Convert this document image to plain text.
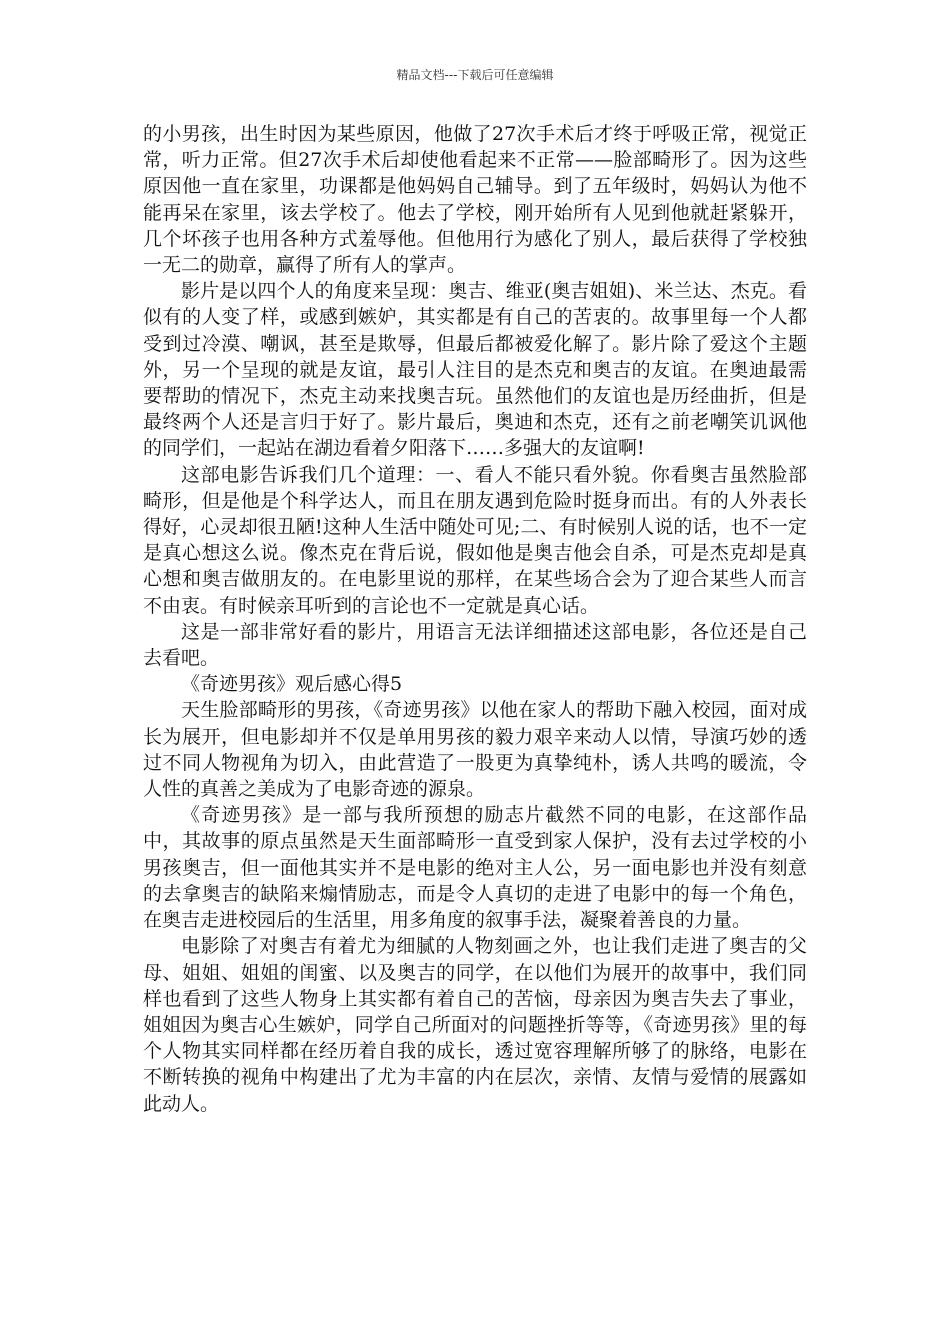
精品文档---下载后可任意编辑

的小男孩，出生时因为某些原因，他做了27次手术后才终于呼吸正常，视觉正常，听力正常。但27次手术后却使他看起来不正常——脸部畸形了。因为这些原因他一直在家里，功课都是他妈妈自己辅导。到了五年级时，妈妈认为他不能再呆在家里，该去学校了。他去了学校，刚开始所有人见到他就赶紧躲开，几个坏孩子也用各种方式羞辱他。但他用行为感化了别人，最后获得了学校独一无二的勋章，赢得了所有人的掌声。

影片是以四个人的角度来呈现：奥吉、维亚(奥吉姐姐)、米兰达、杰克。看似有的人变了样，或感到嫉妒，其实都是有自己的苦衷的。故事里每一个人都受到过冷漠、嘲讽，甚至是欺辱，但最后都被爱化解了。影片除了爱这个主题外，另一个呈现的就是友谊，最引人注目的是杰克和奥吉的友谊。在奥迪最需要帮助的情况下，杰克主动来找奥吉玩。虽然他们的友谊也是历经曲折，但是最终两个人还是言归于好了。影片最后，奥迪和杰克，还有之前老嘲笑讥讽他的同学们，一起站在湖边看着夕阳落下……多强大的友谊啊!

这部电影告诉我们几个道理：一、看人不能只看外貌。你看奥吉虽然脸部畸形，但是他是个科学达人，而且在朋友遇到危险时挺身而出。有的人外表长得好，心灵却很丑陋!这种人生活中随处可见;二、有时候别人说的话，也不一定是真心想这么说。像杰克在背后说，假如他是奥吉他会自杀，可是杰克却是真心想和奥吉做朋友的。在电影里说的那样，在某些场合会为了迎合某些人而言不由衷。有时候亲耳听到的言论也不一定就是真心话。

这是一部非常好看的影片，用语言无法详细描述这部电影，各位还是自己去看吧。

《奇迹男孩》观后感心得5

天生脸部畸形的男孩，《奇迹男孩》以他在家人的帮助下融入校园，面对成长为展开，但电影却并不仅是单用男孩的毅力艰辛来动人以情，导演巧妙的透过不同人物视角为切入，由此营造了一股更为真挚纯朴，诱人共鸣的暖流，令人性的真善之美成为了电影奇迹的源泉。

《奇迹男孩》是一部与我所预想的励志片截然不同的电影，在这部作品中，其故事的原点虽然是天生面部畸形一直受到家人保护，没有去过学校的小男孩奥吉，但一面他其实并不是电影的绝对主人公，另一面电影也并没有刻意的去拿奥吉的缺陷来煽情励志，而是令人真切的走进了电影中的每一个角色，在奥吉走进校园后的生活里，用多角度的叙事手法，凝聚着善良的力量。

电影除了对奥吉有着尤为细腻的人物刻画之外，也让我们走进了奥吉的父母、姐姐、姐姐的闺蜜、以及奥吉的同学，在以他们为展开的故事中，我们同样也看到了这些人物身上其实都有着自己的苦恼，母亲因为奥吉失去了事业，姐姐因为奥吉心生嫉妒，同学自己所面对的问题挫折等等，《奇迹男孩》里的每个人物其实同样都在经历着自我的成长，透过宽容理解所够了的脉络，电影在不断转换的视角中构建出了尤为丰富的内在层次，亲情、友情与爱情的展露如此动人。
